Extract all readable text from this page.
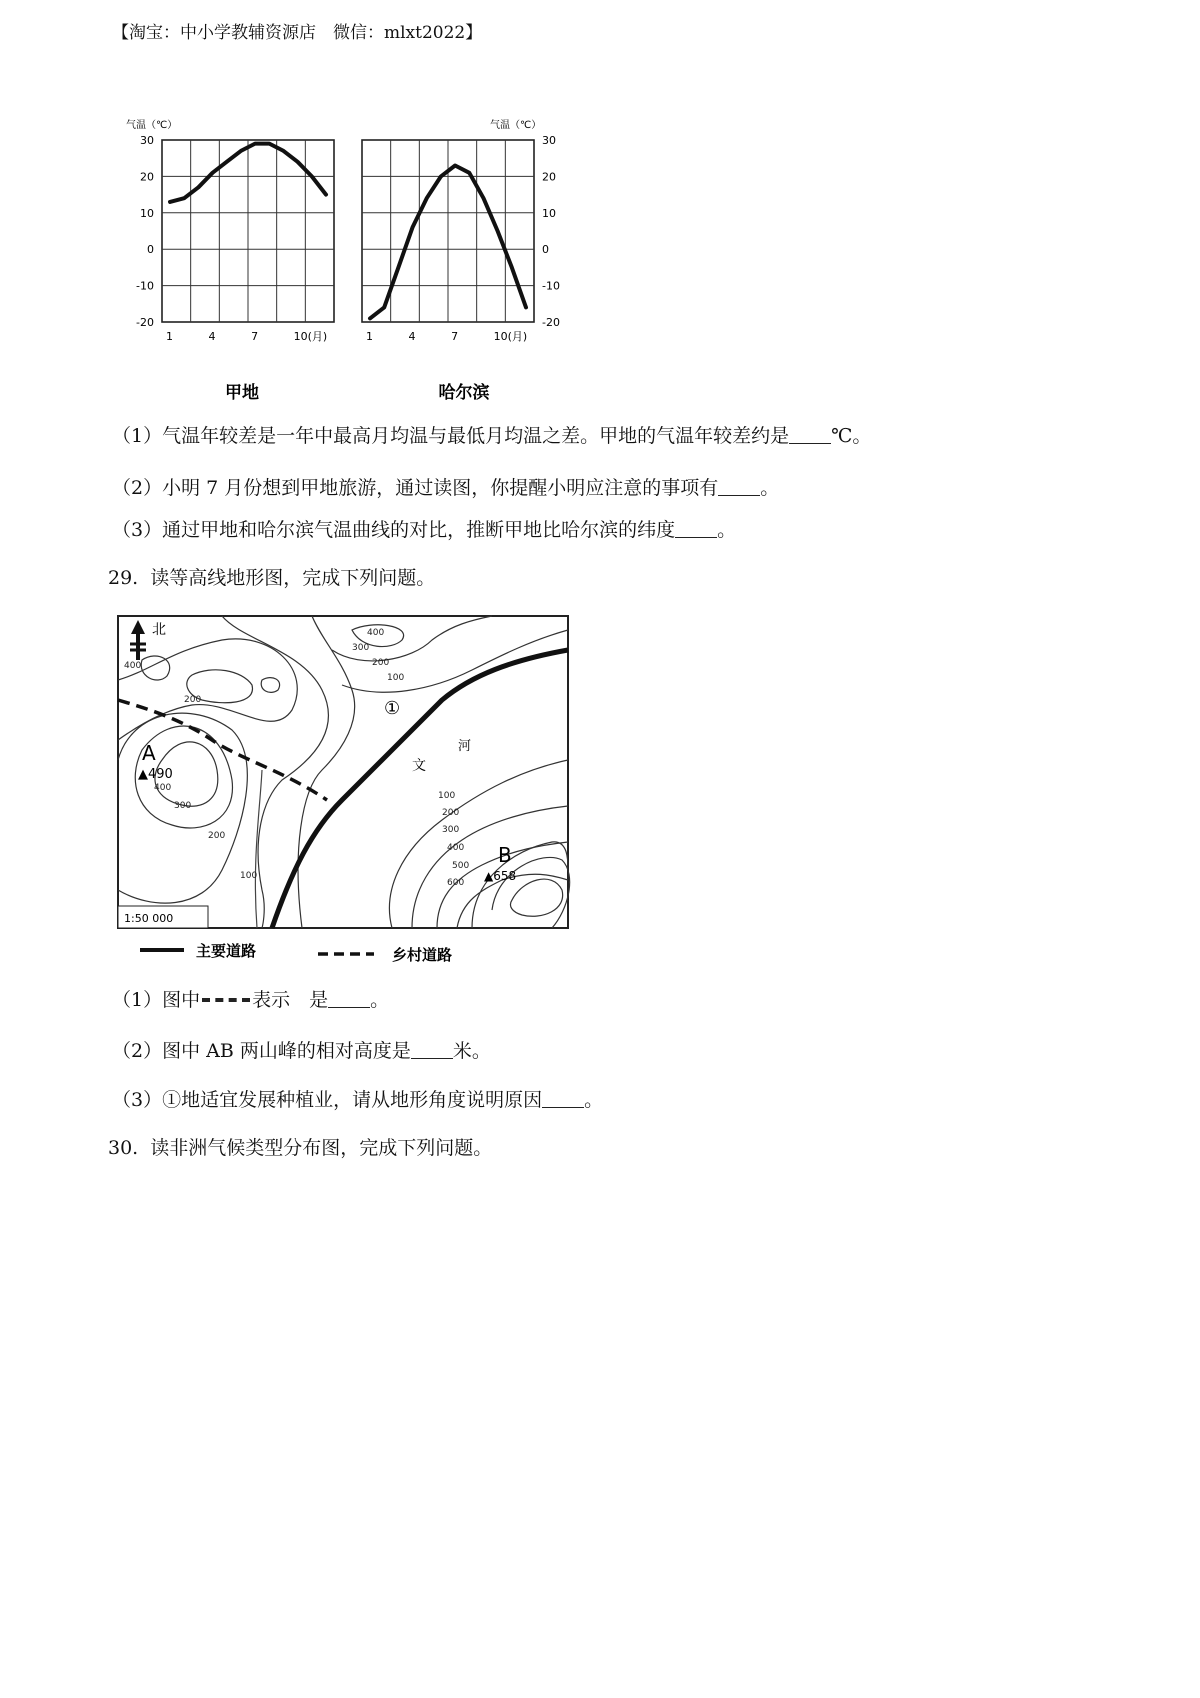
【淘宝：中小学教辅资源店　微信：mlxt2022】
30
20
10
0
-10
-20
气温（℃）
1	4	7	10(月)
30
20
10
0
-10
-20
气温（℃）
1	4	7	10(月)
甲地	哈尔滨
（1）气温年较差是一年中最高月均温与最低月均温之差。甲地的气温年较差约是 ℃。
（2）小明 7 月份想到甲地旅游，通过读图，你提醒小明应注意的事项有 。
（3）通过甲地和哈尔滨气温曲线的对比，推断甲地比哈尔滨的纬度 。
29.  读等高线地形图，完成下列问题。
北	400
300
200
100
400
200
400
300
200
100
100
200
300
400
500
600
A
▲490
B
▲658
①
河
文
1:50 000
主要道路	乡村道路
（1）图中	表示　是 。
（2）图中 AB 两山峰的相对高度是 米。
（3）①地适宜发展种植业，请从地形角度说明原因 。
30.  读非洲气候类型分布图，完成下列问题。
